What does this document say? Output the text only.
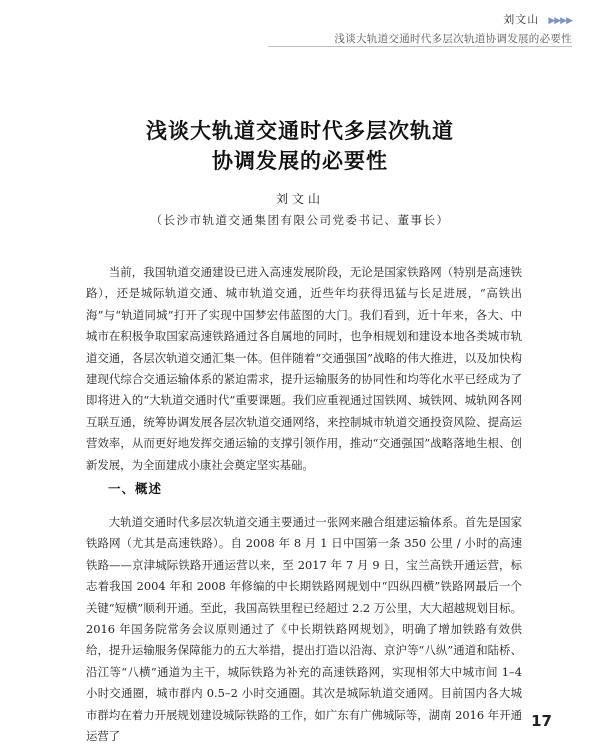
刘文山 ▶▶▶▶
浅谈大轨道交通时代多层次轨道协调发展的必要性
浅谈大轨道交通时代多层次轨道
协调发展的必要性
刘文山
（长沙市轨道交通集团有限公司党委书记、董事长）

当前，我国轨道交通建设已进入高速发展阶段，无论是国家铁路网（特别是高速铁路），还是城际轨道交通、城市轨道交通，近些年均获得迅猛与长足进展，“高铁出海”与“轨道同城”打开了实现中国梦宏伟蓝图的大门。我们看到，近十年来，各大、中城市在积极争取国家高速铁路通过各自属地的同时，也争相规划和建设本地各类城市轨道交通，各层次轨道交通汇集一体。但伴随着“交通强国”战略的伟大推进，以及加快构建现代综合交通运输体系的紧迫需求，提升运输服务的协同性和均等化水平已经成为了即将进入的“大轨道交通时代”重要课题。我们应重视通过国铁网、城铁网、城轨网各网互联互通，统筹协调发展各层次轨道交通网络，来控制城市轨道交通投资风险、提高运营效率，从而更好地发挥交通运输的支撑引领作用，推动“交通强国”战略落地生根、创新发展，为全面建成小康社会奠定坚实基础。

一、概述

大轨道交通时代多层次轨道交通主要通过一张网来融合组建运输体系。首先是国家铁路网（尤其是高速铁路）。自 2008 年 8 月 1 日中国第一条 350 公里 / 小时的高速铁路——京津城际铁路开通运营以来，至 2017 年 7 月 9 日，宝兰高铁开通运营，标志着我国 2004 年和 2008 年修编的中长期铁路网规划中“四纵四横”铁路网最后一个关键“短横”顺利开通。至此，我国高铁里程已经超过 2.2 万公里，大大超越规划目标。2016 年国务院常务会议原则通过了《中长期铁路网规划》，明确了增加铁路有效供给，提升运输服务保障能力的五大举措，提出打造以沿海、京沪等“八纵”通道和陆桥、沿江等“八横”通道为主干，城际铁路为补充的高速铁路网，实现相邻大中城市间 1–4 小时交通圈，城市群内 0.5–2 小时交通圈。其次是城际轨道交通网。目前国内各大城市群均在着力开展规划建设城际铁路的工作，如广东有广佛城际等，湖南 2016 年开通运营了

17
